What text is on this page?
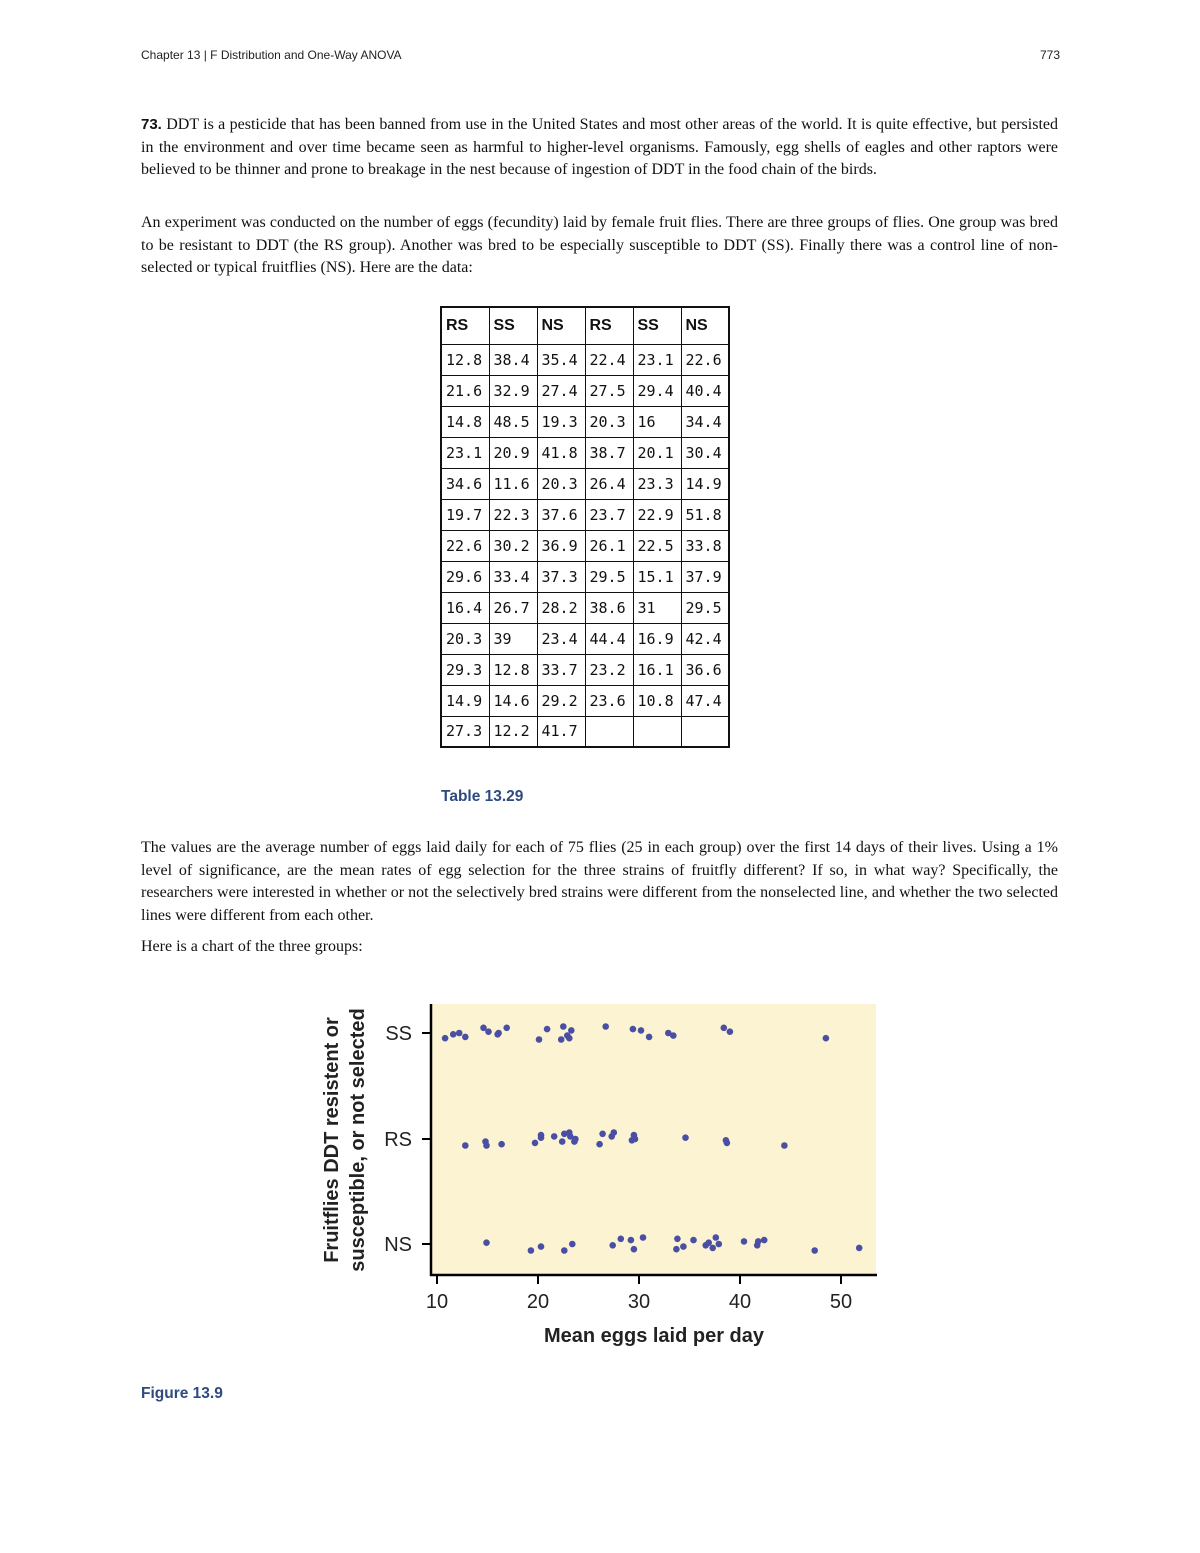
Chapter 13 | F Distribution and One-Way ANOVA	773

73. DDT is a pesticide that has been banned from use in the United States and most other areas of the world. It is quite effective, but persisted in the environment and over time became seen as harmful to higher-level organisms. Famously, egg shells of eagles and other raptors were believed to be thinner and prone to breakage in the nest because of ingestion of DDT in the food chain of the birds.

An experiment was conducted on the number of eggs (fecundity) laid by female fruit flies. There are three groups of flies. One group was bred to be resistant to DDT (the RS group). Another was bred to be especially susceptible to DDT (SS). Finally there was a control line of non-selected or typical fruitflies (NS). Here are the data:

RS	SS	NS	RS	SS	NS
12.8	38.4	35.4	22.4	23.1	22.6
21.6	32.9	27.4	27.5	29.4	40.4
14.8	48.5	19.3	20.3	16	34.4
23.1	20.9	41.8	38.7	20.1	30.4
34.6	11.6	20.3	26.4	23.3	14.9
19.7	22.3	37.6	23.7	22.9	51.8
22.6	30.2	36.9	26.1	22.5	33.8
29.6	33.4	37.3	29.5	15.1	37.9
16.4	26.7	28.2	38.6	31	29.5
20.3	39	23.4	44.4	16.9	42.4
29.3	12.8	33.7	23.2	16.1	36.6
14.9	14.6	29.2	23.6	10.8	47.4
27.3	12.2	41.7			
Table 13.29

The values are the average number of eggs laid daily for each of 75 flies (25 in each group) over the first 14 days of their lives. Using a 1% level of significance, are the mean rates of egg selection for the three strains of fruitfly different? If so, in what way? Specifically, the researchers were interested in whether or not the selectively bred strains were different from the nonselected line, and whether the two selected lines were different from each other.

Here is a chart of the three groups:

SS
RS
NS
10	20	30	40	50
Mean eggs laid per day
Fruitflies DDT resistent or susceptible, or not selected
Figure 13.9
